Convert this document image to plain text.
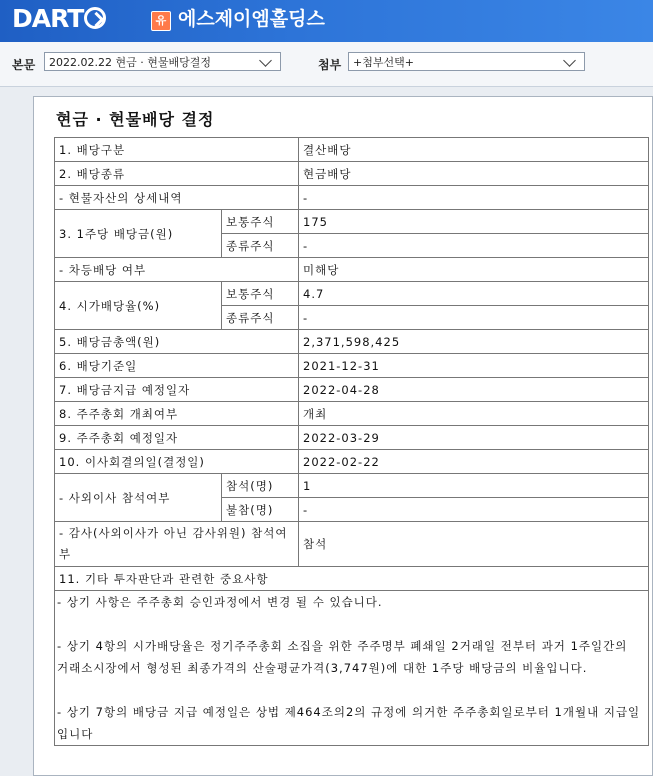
DART	유 에스제이엠홀딩스
본문	2022.02.22 현금 · 현물배당결정	첨부	+첨부선택+
현금 · 현물배당 결정
1. 배당구분		결산배당
2. 배당종류		현금배당
- 현물자산의 상세내역		-
3. 1주당 배당금(원)	보통주식	175
	종류주식	-
- 차등배당 여부		미해당
4. 시가배당율(%)	보통주식	4.7
	종류주식	-
5. 배당금총액(원)		2,371,598,425
6. 배당기준일		2021-12-31
7. 배당금지급 예정일자		2022-04-28
8. 주주총회 개최여부		개최
9. 주주총회 예정일자		2022-03-29
10. 이사회결의일(결정일)		2022-02-22
- 사외이사 참석여부	참석(명)	1
	불참(명)	-
- 감사(사외이사가 아닌 감사위원) 참석여부		참석
11. 기타 투자판단과 관련한 중요사항		

- 상기 사항은 주주총회 승인과정에서 변경 될 수 있습니다.
- 상기 4항의 시가배당율은 정기주주총회 소집을 위한 주주명부 폐쇄일 2거래일 전부터 과거 1주일간의 거래소시장에서 형성된 최종가격의 산술평균가격(3,747원)에 대한 1주당 배당금의 비율입니다.
- 상기 7항의 배당금 지급 예정일은 상법 제464조의2의 규정에 의거한 주주총회일로부터 1개월내 지급일입니다		
